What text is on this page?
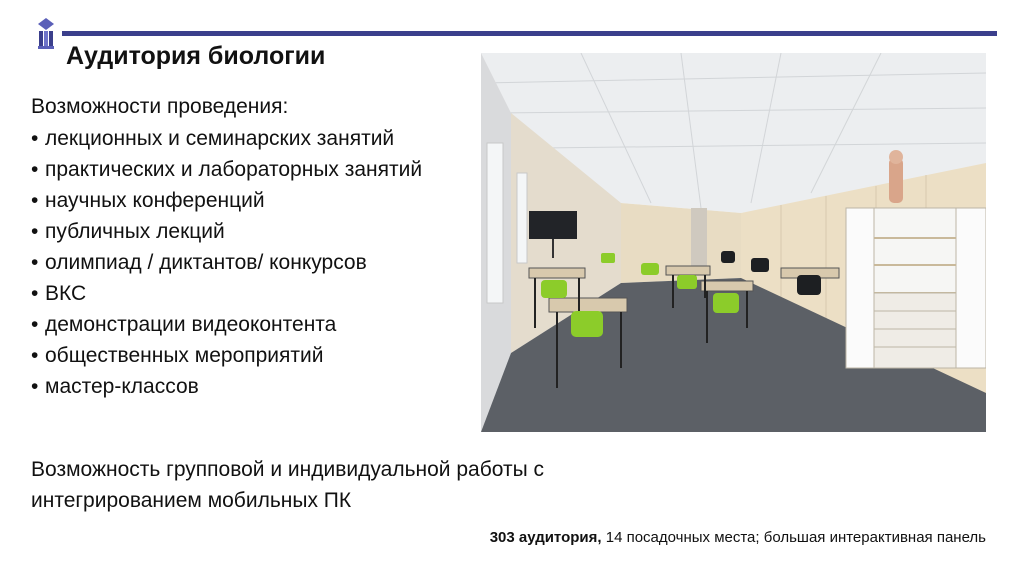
Аудитория биологии
Возможности проведения:
• лекционных и семинарских занятий
• практических и лабораторных занятий
• научных конференций
• публичных лекций
• олимпиад / диктантов/ конкурсов
• ВКС
• демонстрации видеоконтента
• общественных мероприятий
• мастер-классов
Возможность групповой и индивидуальной работы с интегрированием мобильных ПК
303 аудитория, 14 посадочных места; большая интерактивная панель
